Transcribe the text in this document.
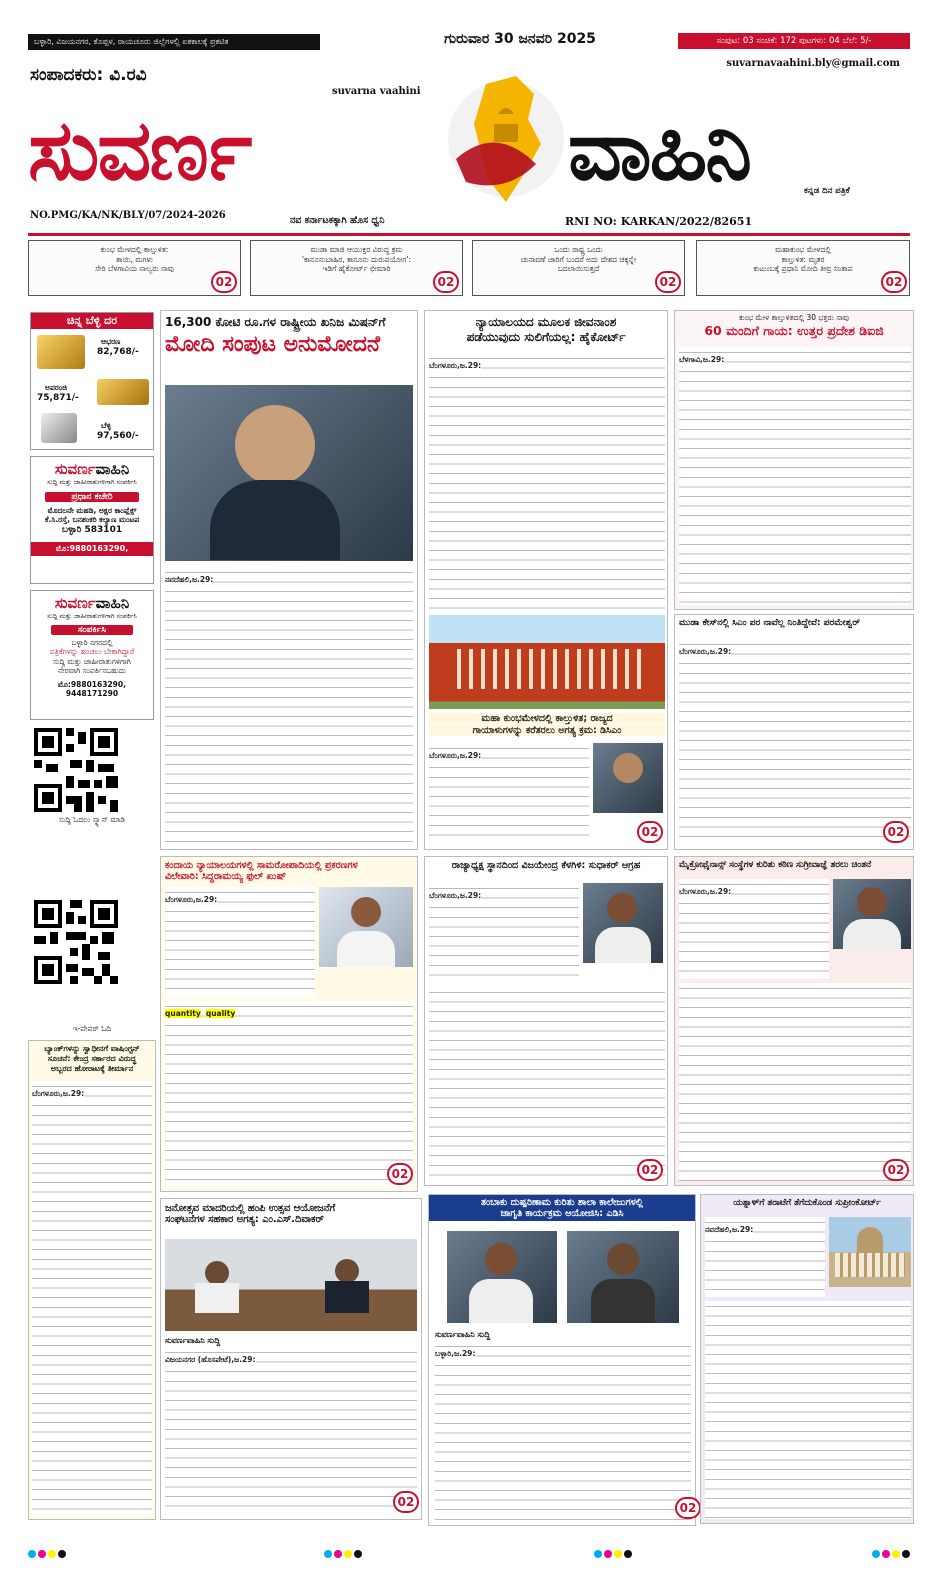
ಬಳ್ಳಾರಿ, ವಿಜಯನಗರ, ಕೊಪ್ಪಳ, ರಾಯಚೂರು ಜಿಲ್ಲೆಗಳಲ್ಲಿ ಏಕಕಾಲಕ್ಕೆ ಪ್ರಕಟಿತ	ಗುರುವಾರ 30 ಜನವರಿ 2025	ಸಂಪುಟ: 03 ಸಂಚಿಕೆ: 172 ಪುಟಗಳು: 04 ಬೆಲೆ: 5/-
suvarnavaahini.bly@gmail.com
ಸಂಪಾದಕರು: ವಿ.ರವಿ
suvarna vaahini
ಸುವರ್ಣ	ವಾಹಿನಿ	ಕನ್ನಡ ದಿನ ಪತ್ರಿಕೆ
NO.PMG/KA/NK/BLY/07/2024-2026	ನವ ಕರ್ನಾಟಕಕ್ಕಾಗಿ ಹೊಸ ಧ್ವನಿ	RNI NO: KARKAN/2022/82651
ಕುಂಭ ಮೇಳದಲ್ಲಿ ಕಾಲ್ತುಳಿತ:
ತಾಯಿ, ಮಗಳು
ಸೇರಿ ಬೆಳಗಾವಿಯ ನಾಲ್ವರು ಸಾವು
02
ಮುಡಾ ಮಾಜಿ ಆಯುಕ್ತರ ವಿರುದ್ಧ ಕ್ರಮ
'ಕಾನೂನುಬಾಹಿರ, ಕಾನೂನು ದುರುಪಯೋಗ':
ಇಡಿಗೆ ಹೈಕೋರ್ಟ್ ಛೀಮಾರಿ
02
ಒಂದು ರಾಷ್ಟ್ರ ಒಂದು
ಚುನಾವಣೆ ಜಾರಿಗೆ ಬಂದರೆ ಅದು ದೇಶದ ಚಿಕ್ಕನ್ನೇ
ಬದಲಾಯಿಸುತ್ತದೆ
02
ಮಹಾಕುಂಭ ಮೇಳದಲ್ಲಿ
ಕಾಲ್ತುಳಿತ: ಮೃತರ
ಕುಟುಂಬಕ್ಕೆ ಪ್ರಧಾನಿ ಮೋದಿ ತೀವ್ರ ಸಂತಾಪ
02
ಚಿನ್ನ ಬೆಳ್ಳಿ ದರ
ಆಭರಣ
82,768/-
ಅಪರಂಜಿ
75,871/-
ಬೆಳ್ಳಿ
97,560/-
ಸುವರ್ಣವಾಹಿನಿ
ಸುದ್ದಿ ಮತ್ತು ಜಾಹೀರಾತುಗಳಿಗಾಗಿ ಸಂಪರ್ಕಿಸಿ
ಪ್ರಧಾನ ಕಚೇರಿ
ಮೊದಲನೇ ಮಹಡಿ, ಅಕ್ಷರ ಕಾಂಪ್ಲೆಕ್ಸ್
ಕೆ.ಸಿ.ರಸ್ತೆ, ಬನಶಂಕರಿ ಕಲ್ಯಾಣ ಮಂಟಪ
ಬಳ್ಳಾರಿ 583101
ಮೊ:9880163290, 9448171290
ಸುವರ್ಣವಾಹಿನಿ
ಸುದ್ದಿ ಮತ್ತು ಜಾಹೀರಾತುಗಳಿಗಾಗಿ ಸಂಪರ್ಕಿಸಿ
ಸಂಪರ್ಕಿಸಿ
ಬಳ್ಳಾರಿ ನಗರದಲ್ಲಿ
ಪತ್ರಿಕೆಗಳನ್ನು ಹಂಚಲು ಬೇಕಾಗಿದ್ದಾರೆ
ಸುದ್ದಿ ಮತ್ತು ಜಾಹೀರಾತುಗಳಿಗಾಗಿ
ನೇರವಾಗಿ ಸಂಪರ್ಕಿಸಬಹುದು
ಮೊ:9880163290, 9448171290
ಸುದ್ದಿ ಓದಲು ಸ್ಕ್ಯಾನ್ ಮಾಡಿ
ಇ-ಪೇಪರ್ ಓದಿ
16,300 ಕೋಟಿ ರೂ.ಗಳ ರಾಷ್ಟ್ರೀಯ ಖನಿಜ ಮಿಷನ್‌ಗೆ
ಮೋದಿ ಸಂಪುಟ ಅನುಮೋದನೆ
ನವದೆಹಲಿ,ಜ.29:
ನ್ಯಾಯಾಲಯದ ಮೂಲಕ ಜೀವನಾಂಶ
ಪಡೆಯುವುದು ಸುಲಿಗೆಯಲ್ಲ: ಹೈಕೋರ್ಟ್
ಬೆಂಗಳೂರು,ಜ.29:
ಮಹಾ ಕುಂಭಮೇಳದಲ್ಲಿ ಕಾಲ್ತುಳಿತ; ರಾಜ್ಯದ
ಗಾಯಾಳುಗಳನ್ನು ಕರೆತರಲು ಅಗತ್ಯ ಕ್ರಮ: ಡಿಸಿಎಂ
ಬೆಂಗಳೂರು,ಜ.29:
02
ಕುಂಭ ಮೇಳ ಕಾಲ್ತುಳಿತದಲ್ಲಿ 30 ಭಕ್ತರು ಸಾವು
60 ಮಂದಿಗೆ ಗಾಯ: ಉತ್ತರ ಪ್ರದೇಶ ಡಿಐಜಿ
ಬೆಳಗಾವಿ,ಜ.29:
ಮುಡಾ ಕೇಸ್‌ನಲ್ಲಿ ಸಿಎಂ ಪರ ನಾವೆಲ್ಲ ನಿಂತಿದ್ದೇವೆ: ಪರಮೇಶ್ವರ್
ಬೆಂಗಳೂರು,ಜ.29:
02
ಕಂದಾಯ ನ್ಯಾಯಾಲಯಗಳಲ್ಲಿ ಸಾಮರೋಪಾದಿಯಲ್ಲಿ ಪ್ರಕರಣಗಳ
ವಿಲೇವಾರಿ: ಸಿದ್ದರಾಮಯ್ಯ ಫುಲ್ ಖುಷ್
ಬೆಂಗಳೂರು,ಜ.29:
quantity quality
02
ರಾಜ್ಯಾಧ್ಯಕ್ಷ ಸ್ಥಾನದಿಂದ ವಿಜಯೇಂದ್ರ ಕೆಳಗಿಳಿ: ಸುಧಾಕರ್ ಆಗ್ರಹ
ಬೆಂಗಳೂರು,ಜ.29:
02
ಮೈಕ್ರೋಫೈನಾನ್ಸ್ ಸಂಸ್ಥೆಗಳ ಕುರಿತು ಕಠಿಣ ಸುಗ್ರೀವಾಜ್ಞೆ ತರಲು ಚಿಂತನೆ
ಬೆಂಗಳೂರು,ಜ.29:
02
ಬ್ಯಾಂಕ್‌ಗಳನ್ನು ಸ್ವಾಧೀನಗೆ ವಾಷಿಂಗ್ಟನ್
ಸೂಚನೆ: ಕೇಂದ್ರ ಸರ್ಕಾರದ ವಿರುದ್ಧ
ಅಬ್ಬರದ ಹೋರಾಟಕ್ಕೆ ತೀರ್ಮಾನ
ಬೆಂಗಳೂರು,ಜ.29:
ಜನೋತ್ಸವ ಮಾದರಿಯಲ್ಲಿ ಹಂಪಿ ಉತ್ಸವ ಆಯೋಜನೆಗೆ
ಸಂಘಟನೆಗಳ ಸಹಕಾರ ಅಗತ್ಯ: ಎಂ.ಎಸ್.ದಿವಾಕರ್
ಸುವರ್ಣವಾಹಿನಿ ಸುದ್ದಿ
ವಿಜಯನಗರ (ಹೊಸಪೇಟೆ),ಜ.29:
02
ತಂಬಾಕು ದುಷ್ಪರಿಣಾಮ ಕುರಿತು ಶಾಲಾ ಕಾಲೇಜುಗಳಲ್ಲಿ
ಜಾಗೃತಿ ಕಾರ್ಯಕ್ರಮ ಆಯೋಜಿಸಿ: ಎಡಿಸಿ
ಸುವರ್ಣವಾಹಿನಿ ಸುದ್ದಿ
ಬಳ್ಳಾರಿ,ಜ.29:
02
ಯತ್ನಾಳ್‌ಗೆ ತರಾಟೆಗೆ ತೆಗೆದುಕೊಂಡ ಸುಪ್ರೀಂಕೋರ್ಟ್
ನವದೆಹಲಿ,ಜ.29:
